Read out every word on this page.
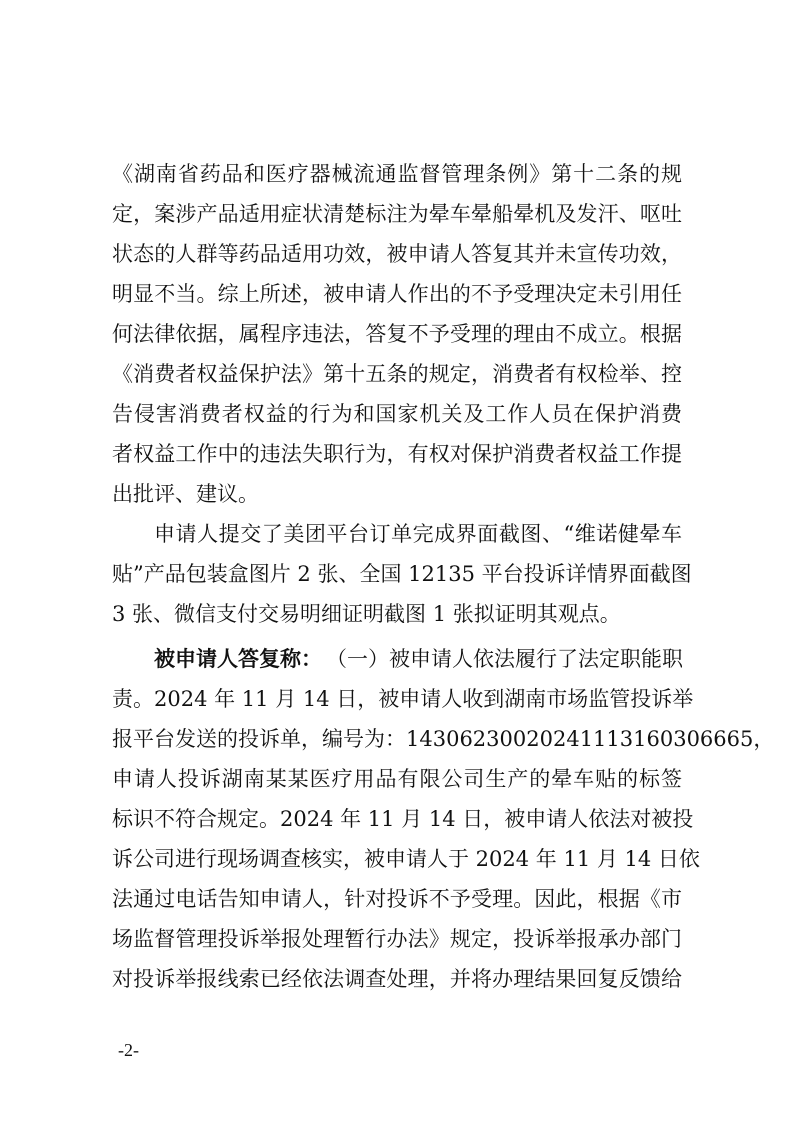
《湖南省药品和医疗器械流通监督管理条例》第十二条的规
定，案涉产品适用症状清楚标注为晕车晕船晕机及发汗、呕吐
状态的人群等药品适用功效，被申请人答复其并未宣传功效，
明显不当。综上所述，被申请人作出的不予受理决定未引用任
何法律依据，属程序违法，答复不予受理的理由不成立。根据
《消费者权益保护法》第十五条的规定，消费者有权检举、控
告侵害消费者权益的行为和国家机关及工作人员在保护消费
者权益工作中的违法失职行为，有权对保护消费者权益工作提
出批评、建议。
申请人提交了美团平台订单完成界面截图、“维诺健晕车
贴”产品包装盒图片 2 张、全国 12135 平台投诉详情界面截图
3 张、微信支付交易明细证明截图 1 张拟证明其观点。
被申请人答复称： （一）被申请人依法履行了法定职能职
责。2024 年 11 月 14 日，被申请人收到湖南市场监管投诉举
报平台发送的投诉单，编号为：14306230020241113160306665，
申请人投诉湖南某某医疗用品有限公司生产的晕车贴的标签
标识不符合规定。2024 年 11 月 14 日，被申请人依法对被投
诉公司进行现场调查核实，被申请人于 2024 年 11 月 14 日依
法通过电话告知申请人，针对投诉不予受理。因此，根据《市
场监督管理投诉举报处理暂行办法》规定，投诉举报承办部门
对投诉举报线索已经依法调查处理，并将办理结果回复反馈给
-2-
